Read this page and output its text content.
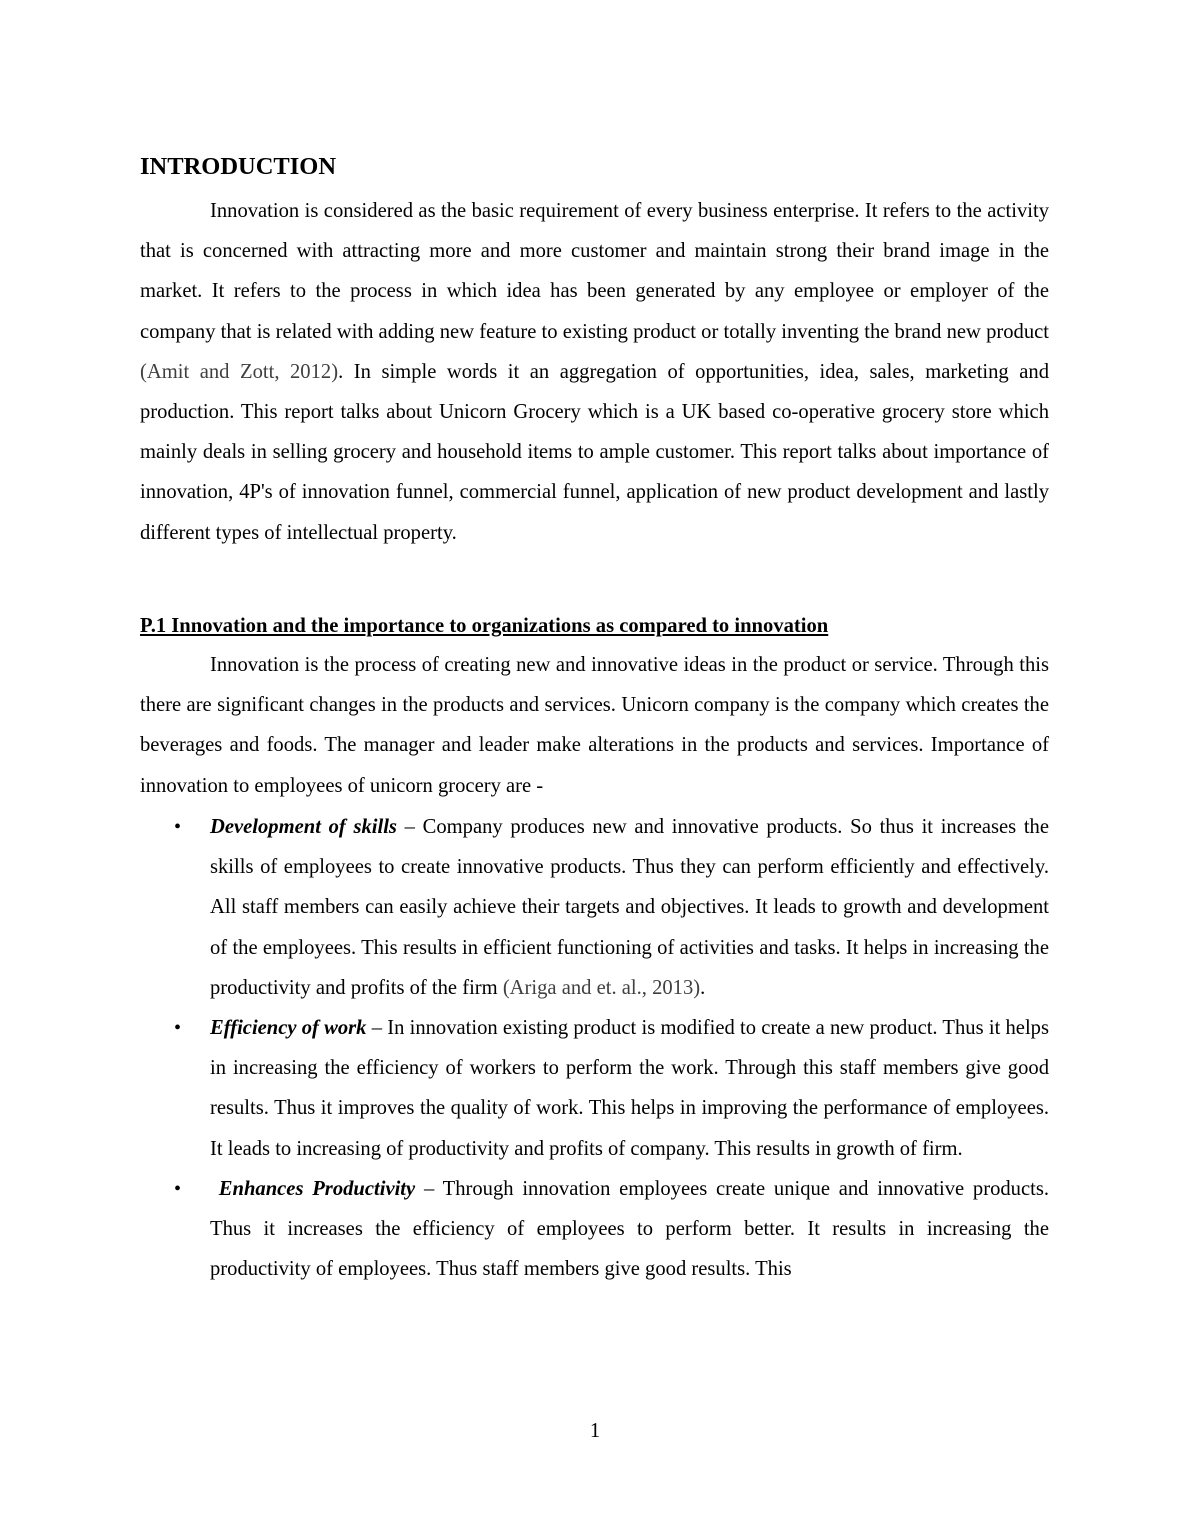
INTRODUCTION

Innovation is considered as the basic requirement of every business enterprise. It refers to the activity that is concerned with attracting more and more customer and maintain strong their brand image in the market. It refers to the process in which idea has been generated by any employee or employer of the company that is related with adding new feature to existing product or totally inventing the brand new product (Amit and Zott, 2012). In simple words it an aggregation of opportunities, idea, sales, marketing and production. This report talks about Unicorn Grocery which is a UK based co-operative grocery store which mainly deals in selling grocery and household items to ample customer. This report talks about importance of innovation, 4P's of innovation funnel, commercial funnel, application of new product development and lastly different types of intellectual property.

P.1 Innovation and the importance to organizations as compared to innovation

Innovation is the process of creating new and innovative ideas in the product or service. Through this there are significant changes in the products and services. Unicorn company is the company which creates the beverages and foods. The manager and leader make alterations in the products and services. Importance of innovation to employees of unicorn grocery are -

• Development of skills – Company produces new and innovative products. So thus it increases the skills of employees to create innovative products. Thus they can perform efficiently and effectively. All staff members can easily achieve their targets and objectives. It leads to growth and development of the employees. This results in efficient functioning of activities and tasks. It helps in increasing the productivity and profits of the firm (Ariga and et. al., 2013).
• Efficiency of work – In innovation existing product is modified to create a new product. Thus it helps in increasing the efficiency of workers to perform the work. Through this staff members give good results. Thus it improves the quality of work. This helps in improving the performance of employees. It leads to increasing of productivity and profits of company. This results in growth of firm.
• Enhances Productivity – Through innovation employees create unique and innovative products. Thus it increases the efficiency of employees to perform better. It results in increasing the productivity of employees. Thus staff members give good results. This
1
